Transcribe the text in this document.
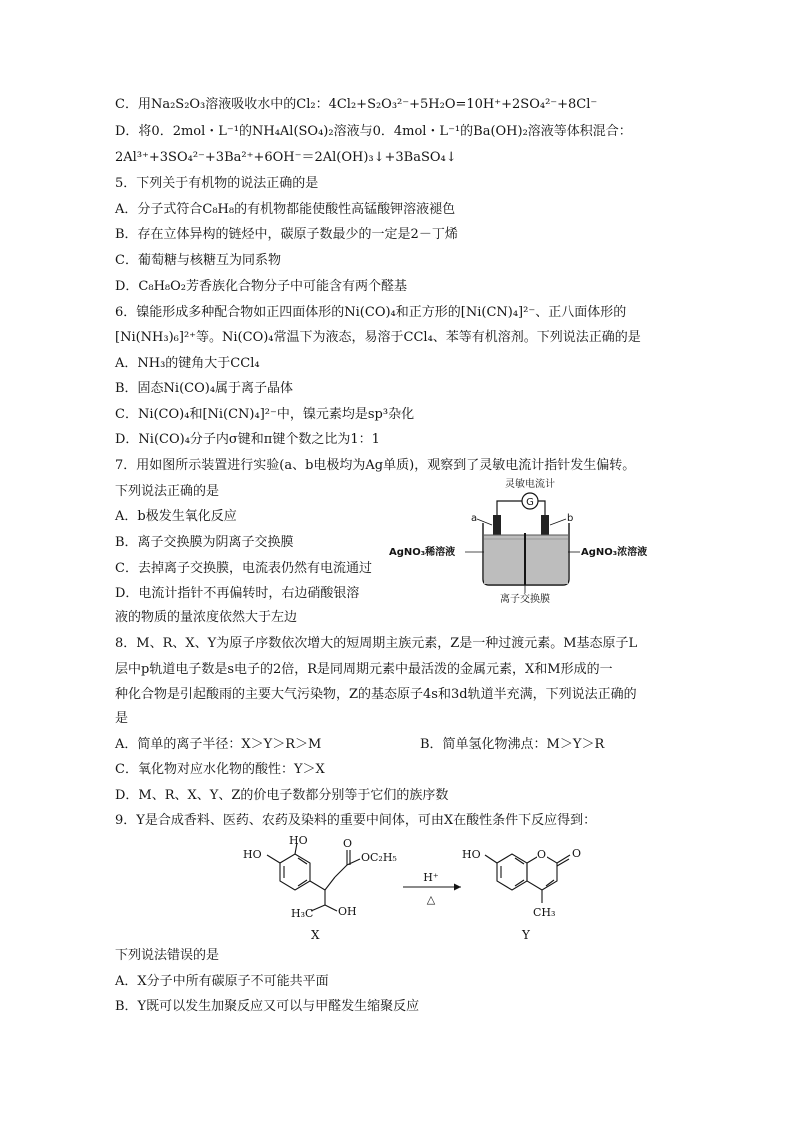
C．用Na₂S₂O₃溶液吸收水中的Cl₂：4Cl₂+S₂O₃²⁻+5H₂O=10H⁺+2SO₄²⁻+8Cl⁻
D．将0．2mol・L⁻¹的NH₄Al(SO₄)₂溶液与0．4mol・L⁻¹的Ba(OH)₂溶液等体积混合：
2Al³⁺+3SO₄²⁻+3Ba²⁺+6OH⁻＝2Al(OH)₃↓+3BaSO₄↓
5．下列关于有机物的说法正确的是
A．分子式符合C₈H₈的有机物都能使酸性高锰酸钾溶液褪色
B．存在立体异构的链烃中，碳原子数最少的一定是2－丁烯
C．葡萄糖与核糖互为同系物
D．C₈H₈O₂芳香族化合物分子中可能含有两个醛基
6．镍能形成多种配合物如正四面体形的Ni(CO)₄和正方形的[Ni(CN)₄]²⁻、正八面体形的
[Ni(NH₃)₆]²⁺等。Ni(CO)₄常温下为液态，易溶于CCl₄、苯等有机溶剂。下列说法正确的是
A．NH₃的键角大于CCl₄
B．固态Ni(CO)₄属于离子晶体
C．Ni(CO)₄和[Ni(CN)₄]²⁻中，镍元素均是sp³杂化
D．Ni(CO)₄分子内σ键和π键个数之比为1：1
7．用如图所示装置进行实验(a、b电极均为Ag单质)，观察到了灵敏电流计指针发生偏转。
下列说法正确的是
A．b极发生氧化反应
B．离子交换膜为阴离子交换膜
C．去掉离子交换膜，电流表仍然有电流通过
D．电流计指针不再偏转时，右边硝酸银溶
液的物质的量浓度依然大于左边
8．M、R、X、Y为原子序数依次增大的短周期主族元素，Z是一种过渡元素。M基态原子L
层中p轨道电子数是s电子的2倍，R是同周期元素中最活泼的金属元素，X和M形成的一
种化合物是引起酸雨的主要大气污染物，Z的基态原子4s和3d轨道半充满，下列说法正确的
是
A．简单的离子半径：X＞Y＞R＞M	B．简单氢化物沸点：M＞Y＞R
C．氧化物对应水化物的酸性：Y＞X
D．M、R、X、Y、Z的价电子数都分别等于它们的族序数
9．Y是合成香料、医药、农药及染料的重要中间体，可由X在酸性条件下反应得到：
下列说法错误的是
A．X分子中所有碳原子不可能共平面
B．Y既可以发生加聚反应又可以与甲醛发生缩聚反应
灵敏电流计
G
a	b
离子交换膜
AgNO₃稀溶液	AgNO₃浓溶液
HO
HO	O
OC₂H₅
H₃C OH
X
H⁺
△
O
HO	O
CH₃
Y
